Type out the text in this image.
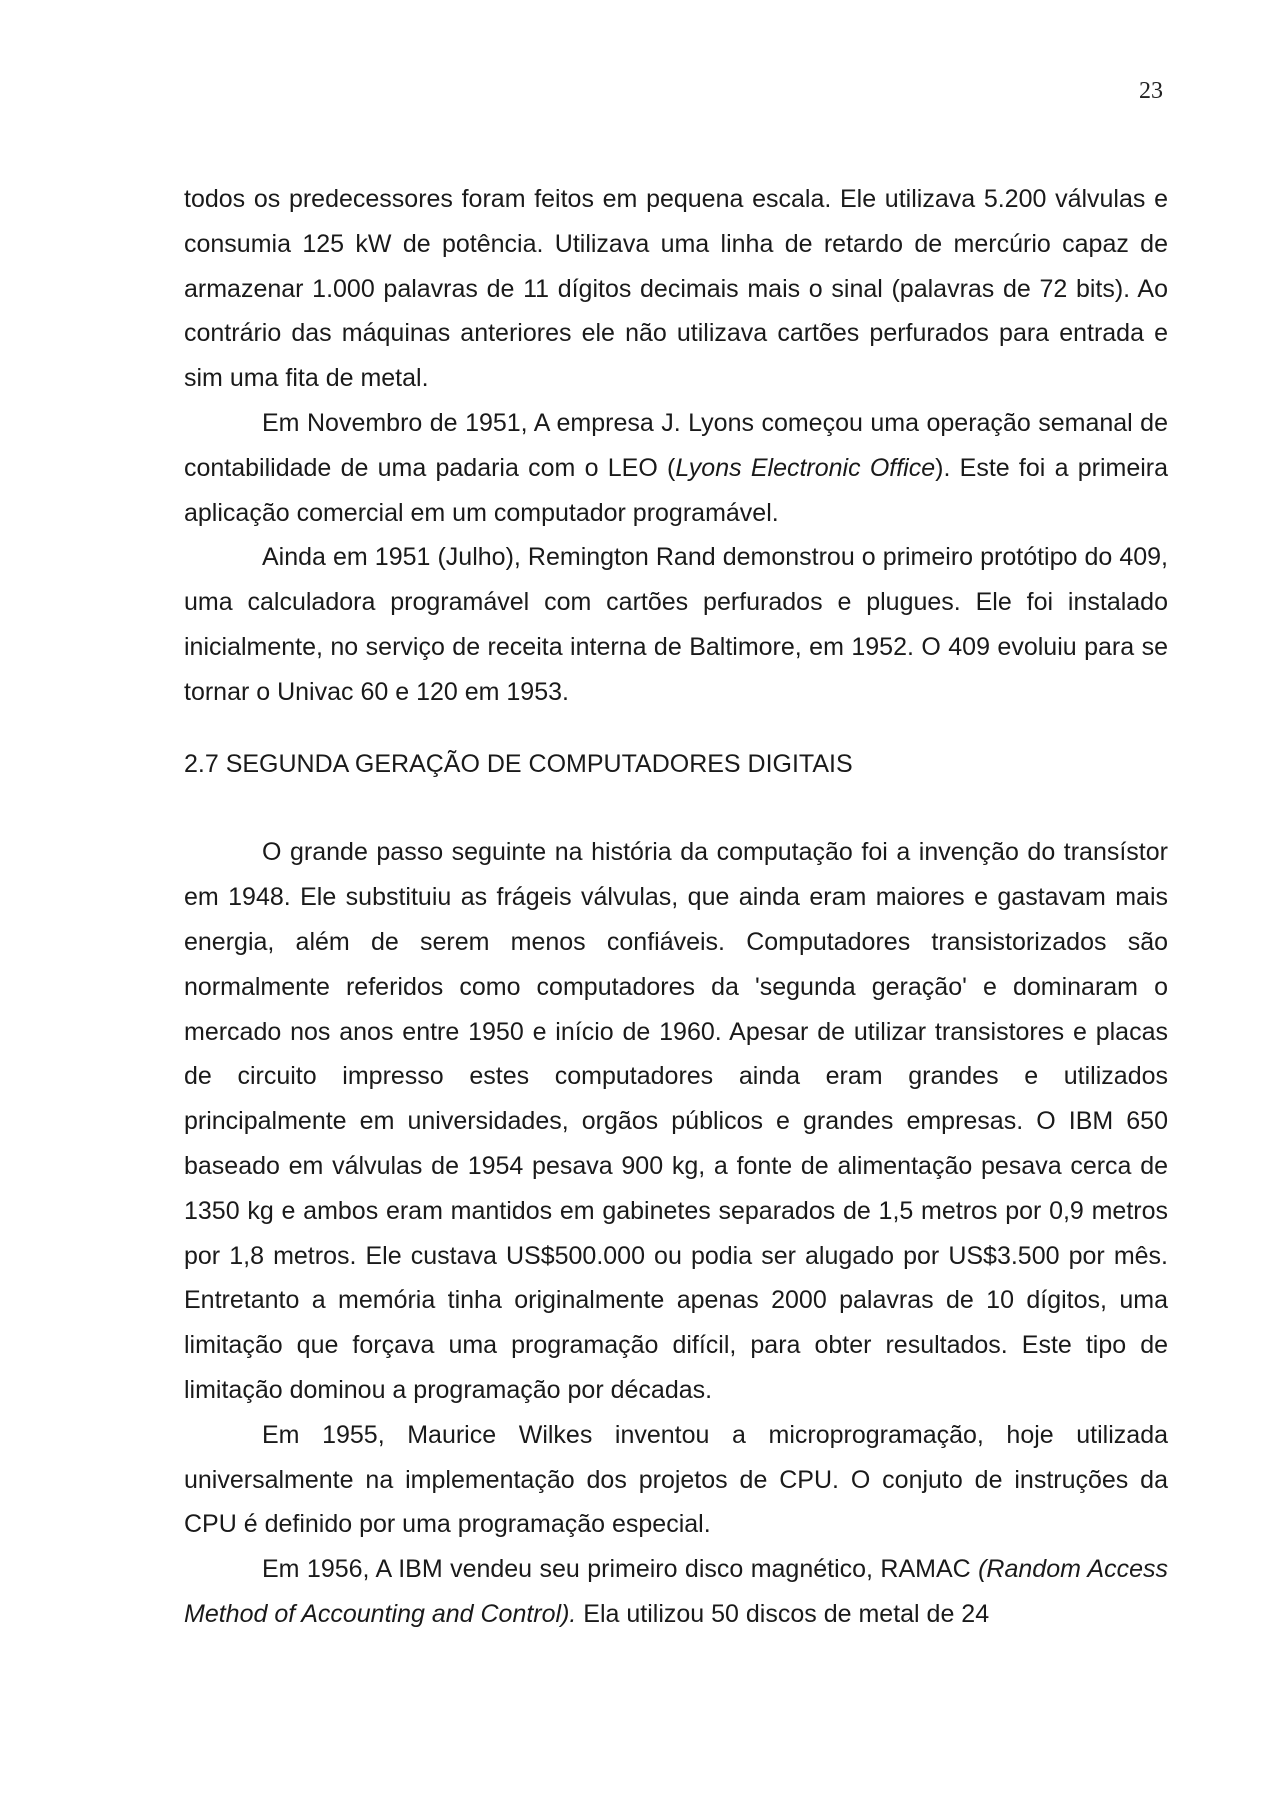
23

todos os predecessores foram feitos em pequena escala. Ele utilizava 5.200 válvulas e consumia 125 kW de potência. Utilizava uma linha de retardo de mercúrio capaz de armazenar 1.000 palavras de 11 dígitos decimais mais o sinal (palavras de 72 bits). Ao contrário das máquinas anteriores ele não utilizava cartões perfurados para entrada e sim uma fita de metal.

Em Novembro de 1951, A empresa J. Lyons começou uma operação semanal de contabilidade de uma padaria com o LEO (Lyons Electronic Office). Este foi a primeira aplicação comercial em um computador programável.

Ainda em 1951 (Julho), Remington Rand demonstrou o primeiro protótipo do 409, uma calculadora programável com cartões perfurados e plugues. Ele foi instalado inicialmente, no serviço de receita interna de Baltimore, em 1952. O 409 evoluiu para se tornar o Univac 60 e 120 em 1953.

2.7 SEGUNDA GERAÇÃO DE COMPUTADORES DIGITAIS

O grande passo seguinte na história da computação foi a invenção do transístor em 1948. Ele substituiu as frágeis válvulas, que ainda eram maiores e gastavam mais energia, além de serem menos confiáveis. Computadores transistorizados são normalmente referidos como computadores da 'segunda geração' e dominaram o mercado nos anos entre 1950 e início de 1960. Apesar de utilizar transistores e placas de circuito impresso estes computadores ainda eram grandes e utilizados principalmente em universidades, orgãos públicos e grandes empresas. O IBM 650 baseado em válvulas de 1954 pesava 900 kg, a fonte de alimentação pesava cerca de 1350 kg e ambos eram mantidos em gabinetes separados de 1,5 metros por 0,9 metros por 1,8 metros. Ele custava US$500.000 ou podia ser alugado por US$3.500 por mês. Entretanto a memória tinha originalmente apenas 2000 palavras de 10 dígitos, uma limitação que forçava uma programação difícil, para obter resultados. Este tipo de limitação dominou a programação por décadas.

Em 1955, Maurice Wilkes inventou a microprogramação, hoje utilizada universalmente na implementação dos projetos de CPU. O conjuto de instruções da CPU é definido por uma programação especial.

Em 1956, A IBM vendeu seu primeiro disco magnético, RAMAC (Random Access Method of Accounting and Control). Ela utilizou 50 discos de metal de 24
